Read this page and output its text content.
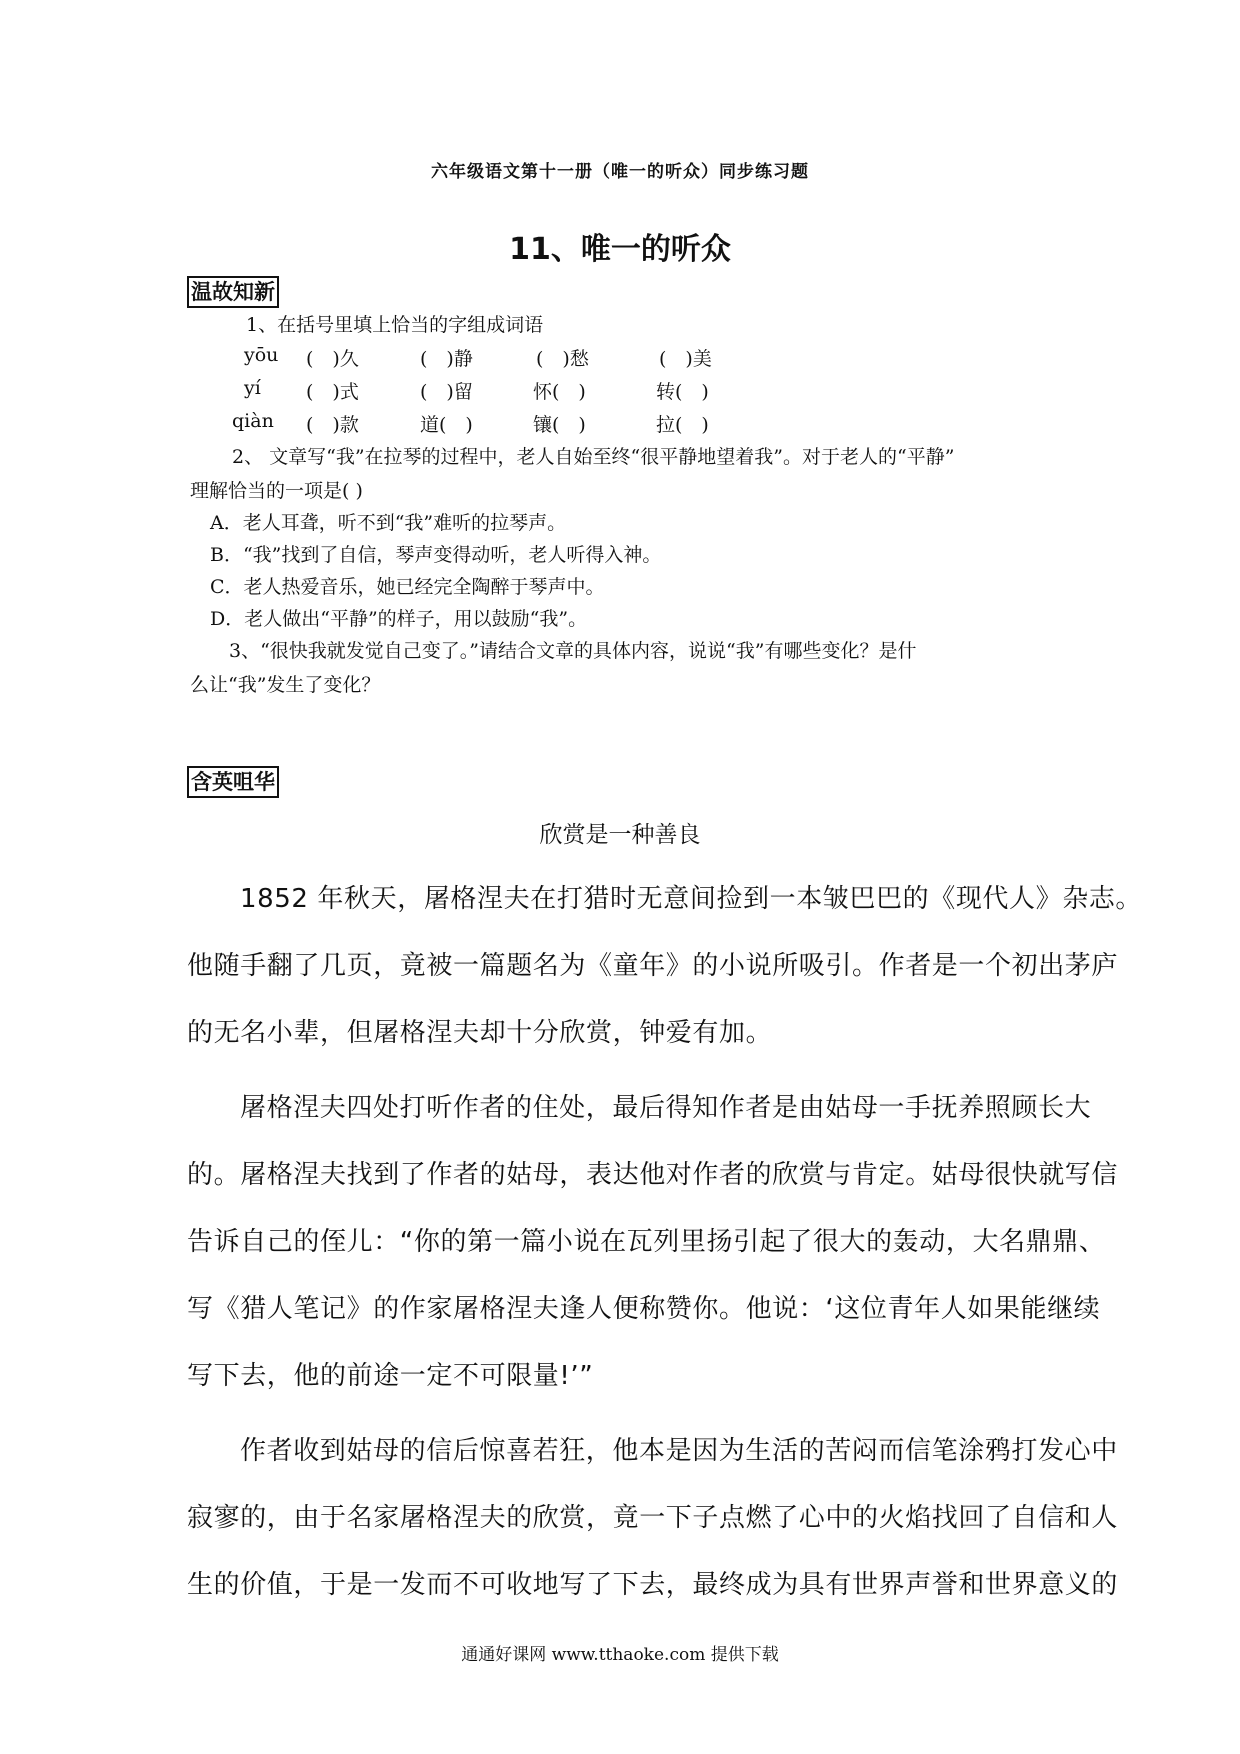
六年级语文第十一册（唯一的听众）同步练习题
11、唯一的听众
温故知新
1、在括号里填上恰当的字组成词语
yōu (　)久	(　)静	(　)愁	(　)美
yí (　)式	(　)留	怀(　)	转(　)
qiàn (　)款	道(　)	镶(　)	拉(　)
2、 文章写“我”在拉琴的过程中，老人自始至终“很平静地望着我”。对于老人的“平静”
理解恰当的一项是( )
A．老人耳聋，听不到“我”难听的拉琴声。
B．“我”找到了自信，琴声变得动听，老人听得入神。
C．老人热爱音乐，她已经完全陶醉于琴声中。
D．老人做出“平静”的样子，用以鼓励“我”。
3、“很快我就发觉自己变了。”请结合文章的具体内容，说说“我”有哪些变化？是什
么让“我”发生了变化？
含英咀华
欣赏是一种善良
1852 年秋天，屠格涅夫在打猎时无意间捡到一本皱巴巴的《现代人》杂志。
他随手翻了几页，竟被一篇题名为《童年》的小说所吸引。作者是一个初出茅庐
的无名小辈，但屠格涅夫却十分欣赏，钟爱有加。
屠格涅夫四处打听作者的住处，最后得知作者是由姑母一手抚养照顾长大
的。屠格涅夫找到了作者的姑母，表达他对作者的欣赏与肯定。姑母很快就写信
告诉自己的侄儿：“你的第一篇小说在瓦列里扬引起了很大的轰动，大名鼎鼎、
写《猎人笔记》的作家屠格涅夫逢人便称赞你。他说：‘这位青年人如果能继续
写下去，他的前途一定不可限量!’”
作者收到姑母的信后惊喜若狂，他本是因为生活的苦闷而信笔涂鸦打发心中
寂寥的，由于名家屠格涅夫的欣赏，竟一下子点燃了心中的火焰找回了自信和人
生的价值，于是一发而不可收地写了下去，最终成为具有世界声誉和世界意义的
通通好课网 www.tthaoke.com 提供下载
